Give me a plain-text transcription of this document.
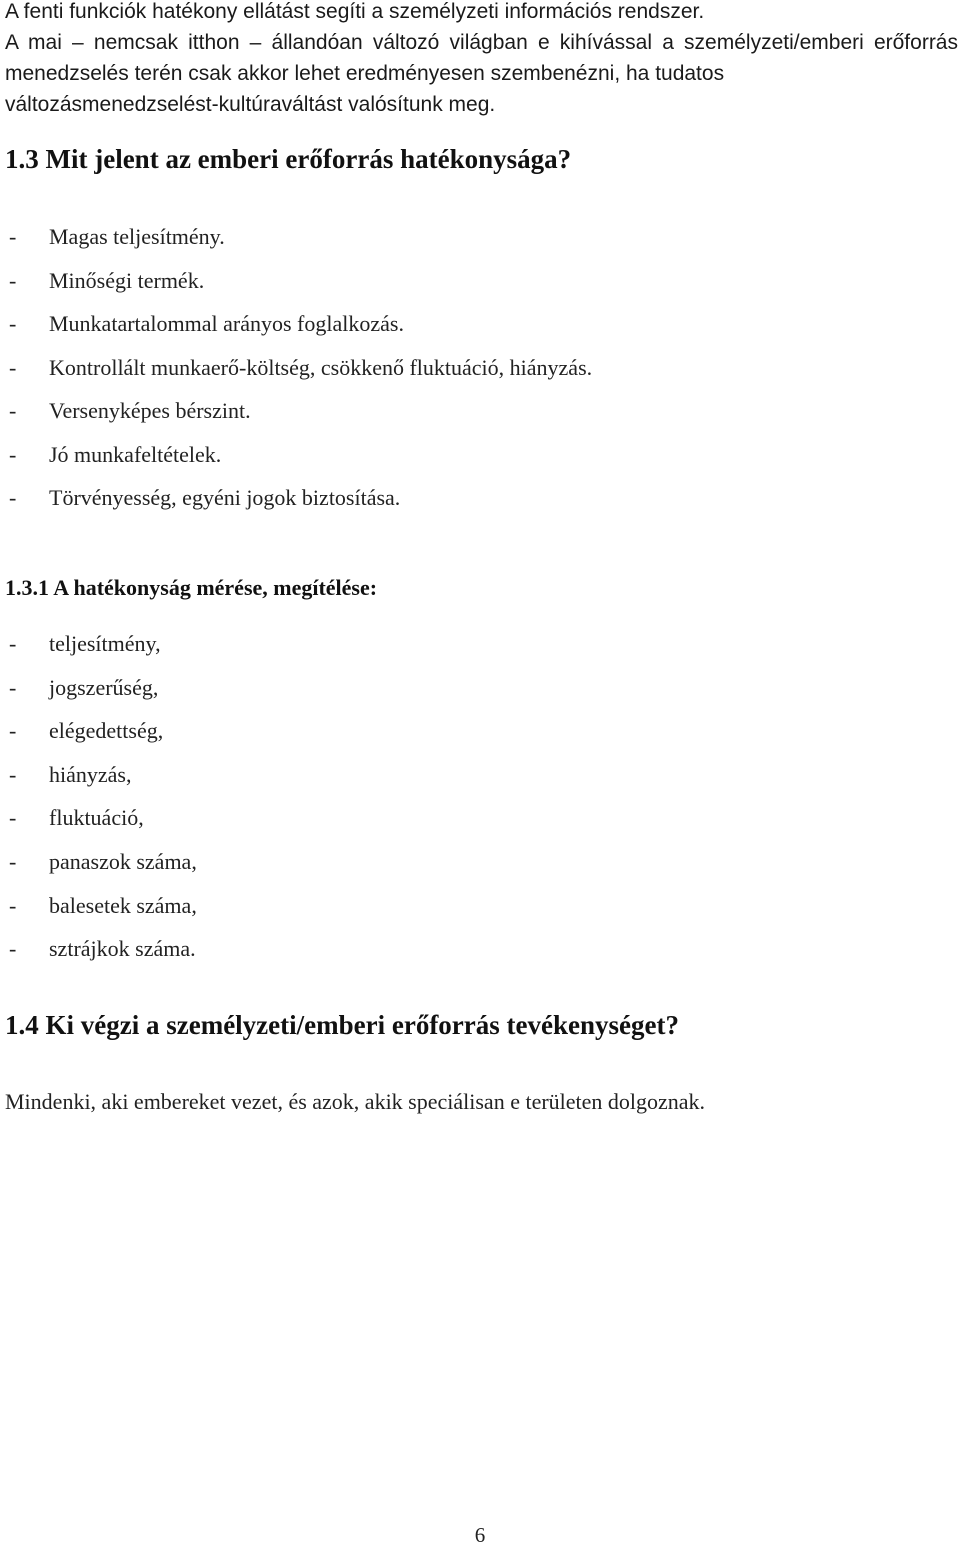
A fenti funkciók hatékony ellátást segíti a személyzeti információs rendszer.

A mai – nemcsak itthon – állandóan változó világban e kihívással a személyzeti/emberi erőforrás menedzselés terén csak akkor lehet eredményesen szembenézni, ha tudatos

változásmenedzselést-kultúraváltást valósítunk meg.

1.3 Mit jelent az emberi erőforrás hatékonysága?
- Magas teljesítmény.
- Minőségi termék.
- Munkatartalommal arányos foglalkozás.
- Kontrollált munkaerő-költség, csökkenő fluktuáció, hiányzás.
- Versenyképes bérszint.
- Jó munkafeltételek.
- Törvényesség, egyéni jogok biztosítása.
1.3.1 A hatékonyság mérése, megítélése:
- teljesítmény,
- jogszerűség,
- elégedettség,
- hiányzás,
- fluktuáció,
- panaszok száma,
- balesetek száma,
- sztrájkok száma.
1.4 Ki végzi a személyzeti/emberi erőforrás tevékenységet?

Mindenki, aki embereket vezet, és azok, akik speciálisan e területen dolgoznak.

6
